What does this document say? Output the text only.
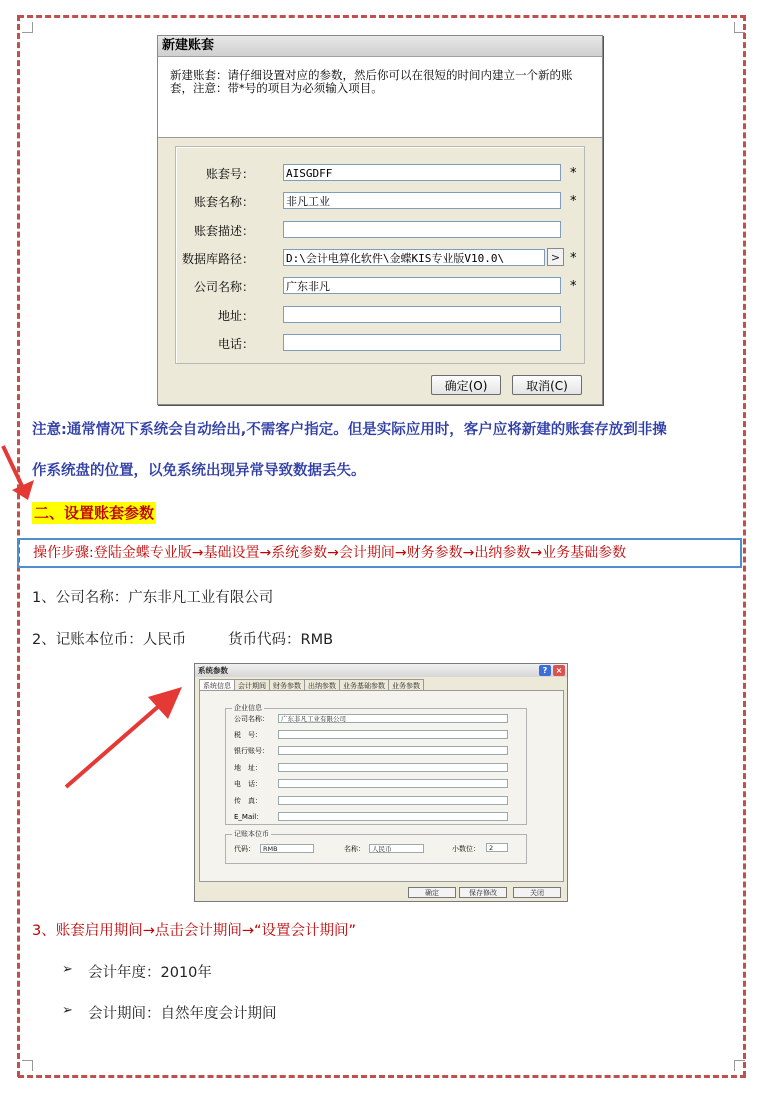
新建账套
新建账套：请仔细设置对应的参数，然后你可以在很短的时间内建立一个新的账套，注意：带*号的项目为必须输入项目。
账套号：	AISGDFF	*
账套名称：	非凡工业	*
账套描述：
数据库路径：	D:\会计电算化软件\金蝶KIS专业版V10.0\	> *
公司名称：	广东非凡	*
地址：
电话：
确定(O)	取消(C)
注意:通常情况下系统会自动给出,不需客户指定。但是实际应用时，客户应将新建的账套存放到非操
作系统盘的位置，以免系统出现异常导致数据丢失。
二、设置账套参数
操作步骤:登陆金蝶专业版→基础设置→系统参数→会计期间→财务参数→出纳参数→业务基础参数
1、公司名称：广东非凡工业有限公司
2、记账本位币：人民币	货币代码：RMB
系统参数	?	×
系统信息 会计期间 财务参数 出纳参数 业务基础参数 业务参数
企业信息
公司名称：	广东非凡工业有限公司
税　号：
银行账号：
地　址：
电　话：
传　真：
E_Mail：
记账本位币
代码：	RMB	名称：	人民币	小数位：	2
确定	保存修改	关闭
3、账套启用期间→点击会计期间→“设置会计期间”
➢ 会计年度：2010年
➢ 会计期间：自然年度会计期间
